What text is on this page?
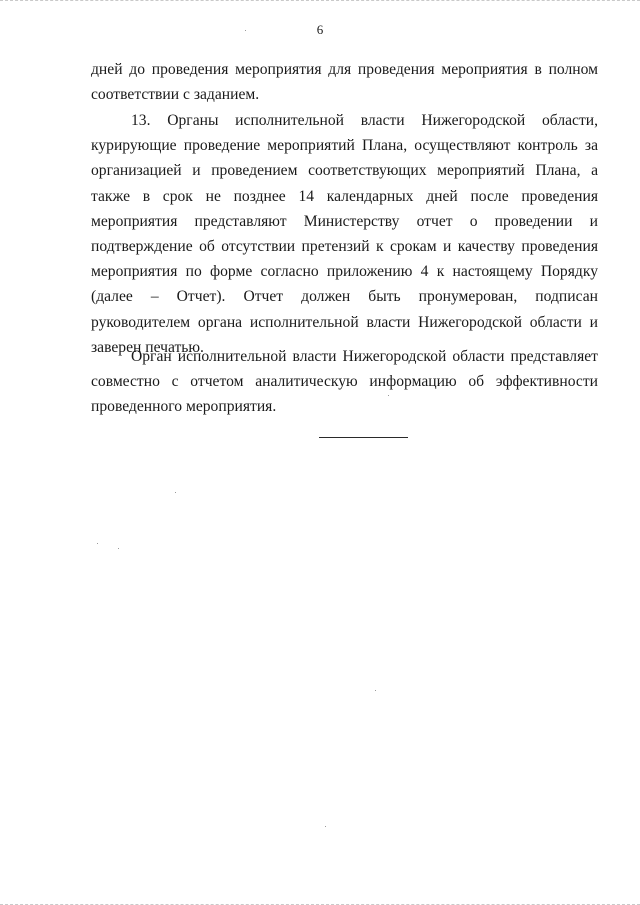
6

дней до проведения мероприятия для проведения мероприятия в полном соответствии с заданием.

13. Органы исполнительной власти Нижегородской области, курирующие проведение мероприятий Плана, осуществляют контроль за организацией и проведением соответствующих мероприятий Плана, а также в срок не позднее 14 календарных дней после проведения мероприятия представляют Министерству отчет о проведении и подтверждение об отсутствии претензий к срокам и качеству проведения мероприятия по форме согласно приложению 4 к настоящему Порядку (далее – Отчет). Отчет должен быть пронумерован, подписан руководителем органа исполнительной власти Нижегородской области и заверен печатью.

Орган исполнительной власти Нижегородской области представляет совместно с отчетом аналитическую информацию об эффективности проведенного мероприятия.
